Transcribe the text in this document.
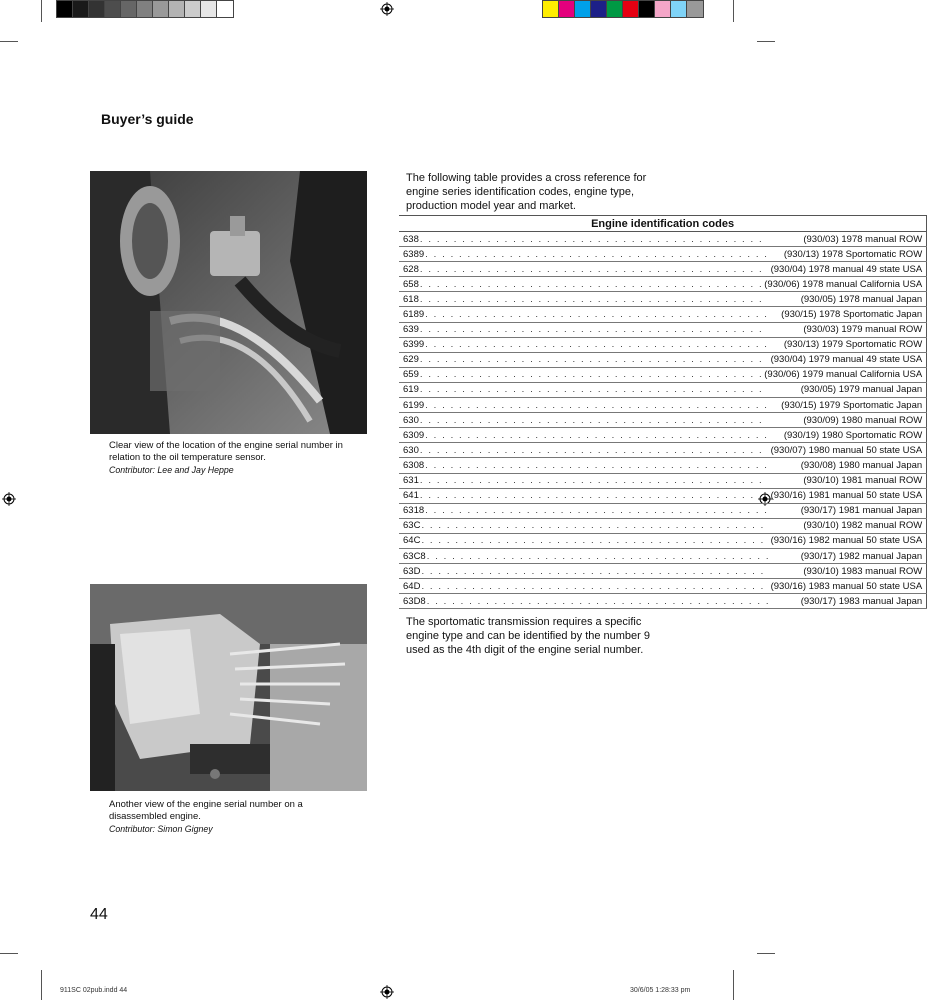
Buyer’s guide
Clear view of the location of the engine serial number in relation to the oil temperature sensor.
Contributor: Lee and Jay Heppe
Another view of the engine serial number on a disassembled engine.
Contributor: Simon Gigney
The following table provides a cross reference for engine series identification codes, engine type, production model year and market.
Engine identification codes

638 . . .	(930/03) 1978 manual ROW

6389 . . .	(930/13) 1978 Sportomatic ROW

628 . . .	(930/04) 1978 manual 49 state USA

658 . . .	(930/06) 1978 manual California USA

618 . . .	(930/05) 1978 manual Japan

6189 . . .	(930/15) 1978 Sportomatic Japan

639 . . .	(930/03) 1979 manual ROW

6399 . . .	(930/13) 1979 Sportomatic ROW

629 . . .	(930/04) 1979 manual 49 state USA

659 . . .	(930/06) 1979 manual California USA

619 . . .	(930/05) 1979 manual Japan

6199 . . .	(930/15) 1979 Sportomatic Japan

630 . . .	(930/09) 1980 manual ROW

6309 . . .	(930/19) 1980 Sportomatic ROW

630 . . .	(930/07) 1980 manual 50 state USA

6308 . . .	(930/08) 1980 manual Japan

631 . . .	(930/10) 1981 manual ROW

641 . . .	(930/16) 1981 manual 50 state USA

6318 . . .	(930/17) 1981 manual Japan

63C . . .	(930/10) 1982 manual ROW

64C . . .	(930/16) 1982 manual 50 state USA

63C8 . . .	(930/17) 1982 manual Japan

63D . . .	(930/10) 1983 manual ROW

64D . . .	(930/16) 1983 manual 50 state USA

63D8 . . .	(930/17) 1983 manual Japan
The sportomatic transmission requires a specific engine type and can be identified by the number 9 used as the 4th digit of the engine serial number.
44
911SC 02pub.indd 44	30/6/05 1:28:33 pm
